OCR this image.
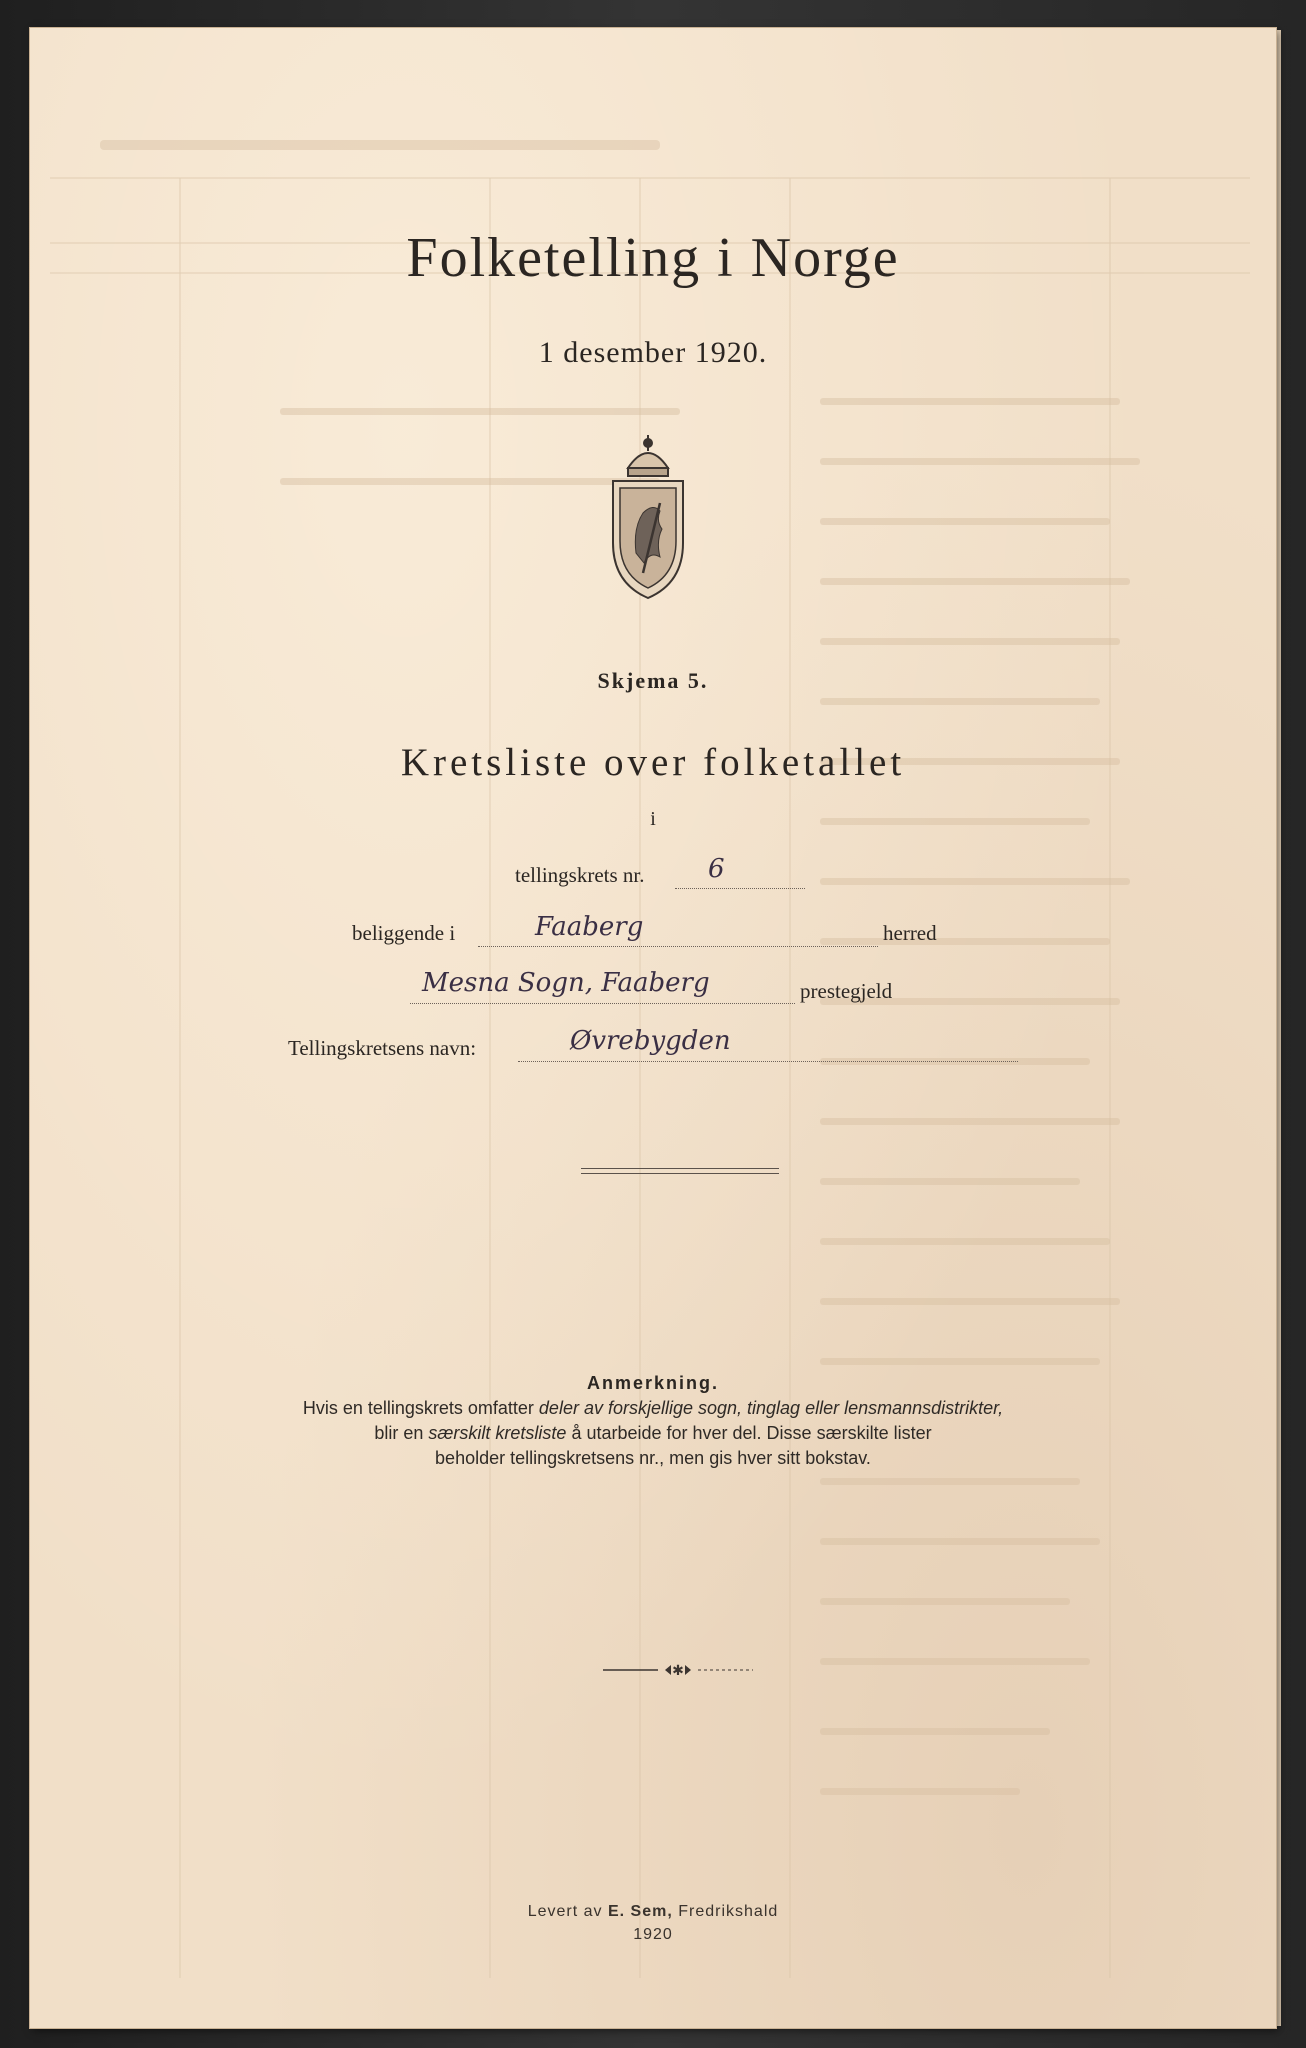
Folketelling i Norge
1 desember 1920.
Skjema 5.
Kretsliste over folketallet
i
tellingskrets nr. 6
beliggende i	Faaberg	herred
Mesna Sogn, Faaberg	prestegjeld
Tellingskretsens navn:	Øvrebygden
Anmerkning.
Hvis en tellingskrets omfatter deler av forskjellige sogn, tinglag eller lensmannsdistrikter,
blir en særskilt kretsliste å utarbeide for hver del. Disse særskilte lister
beholder tellingskretsens nr., men gis hver sitt bokstav.
✱
Levert av E. Sem, Fredrikshald
1920
